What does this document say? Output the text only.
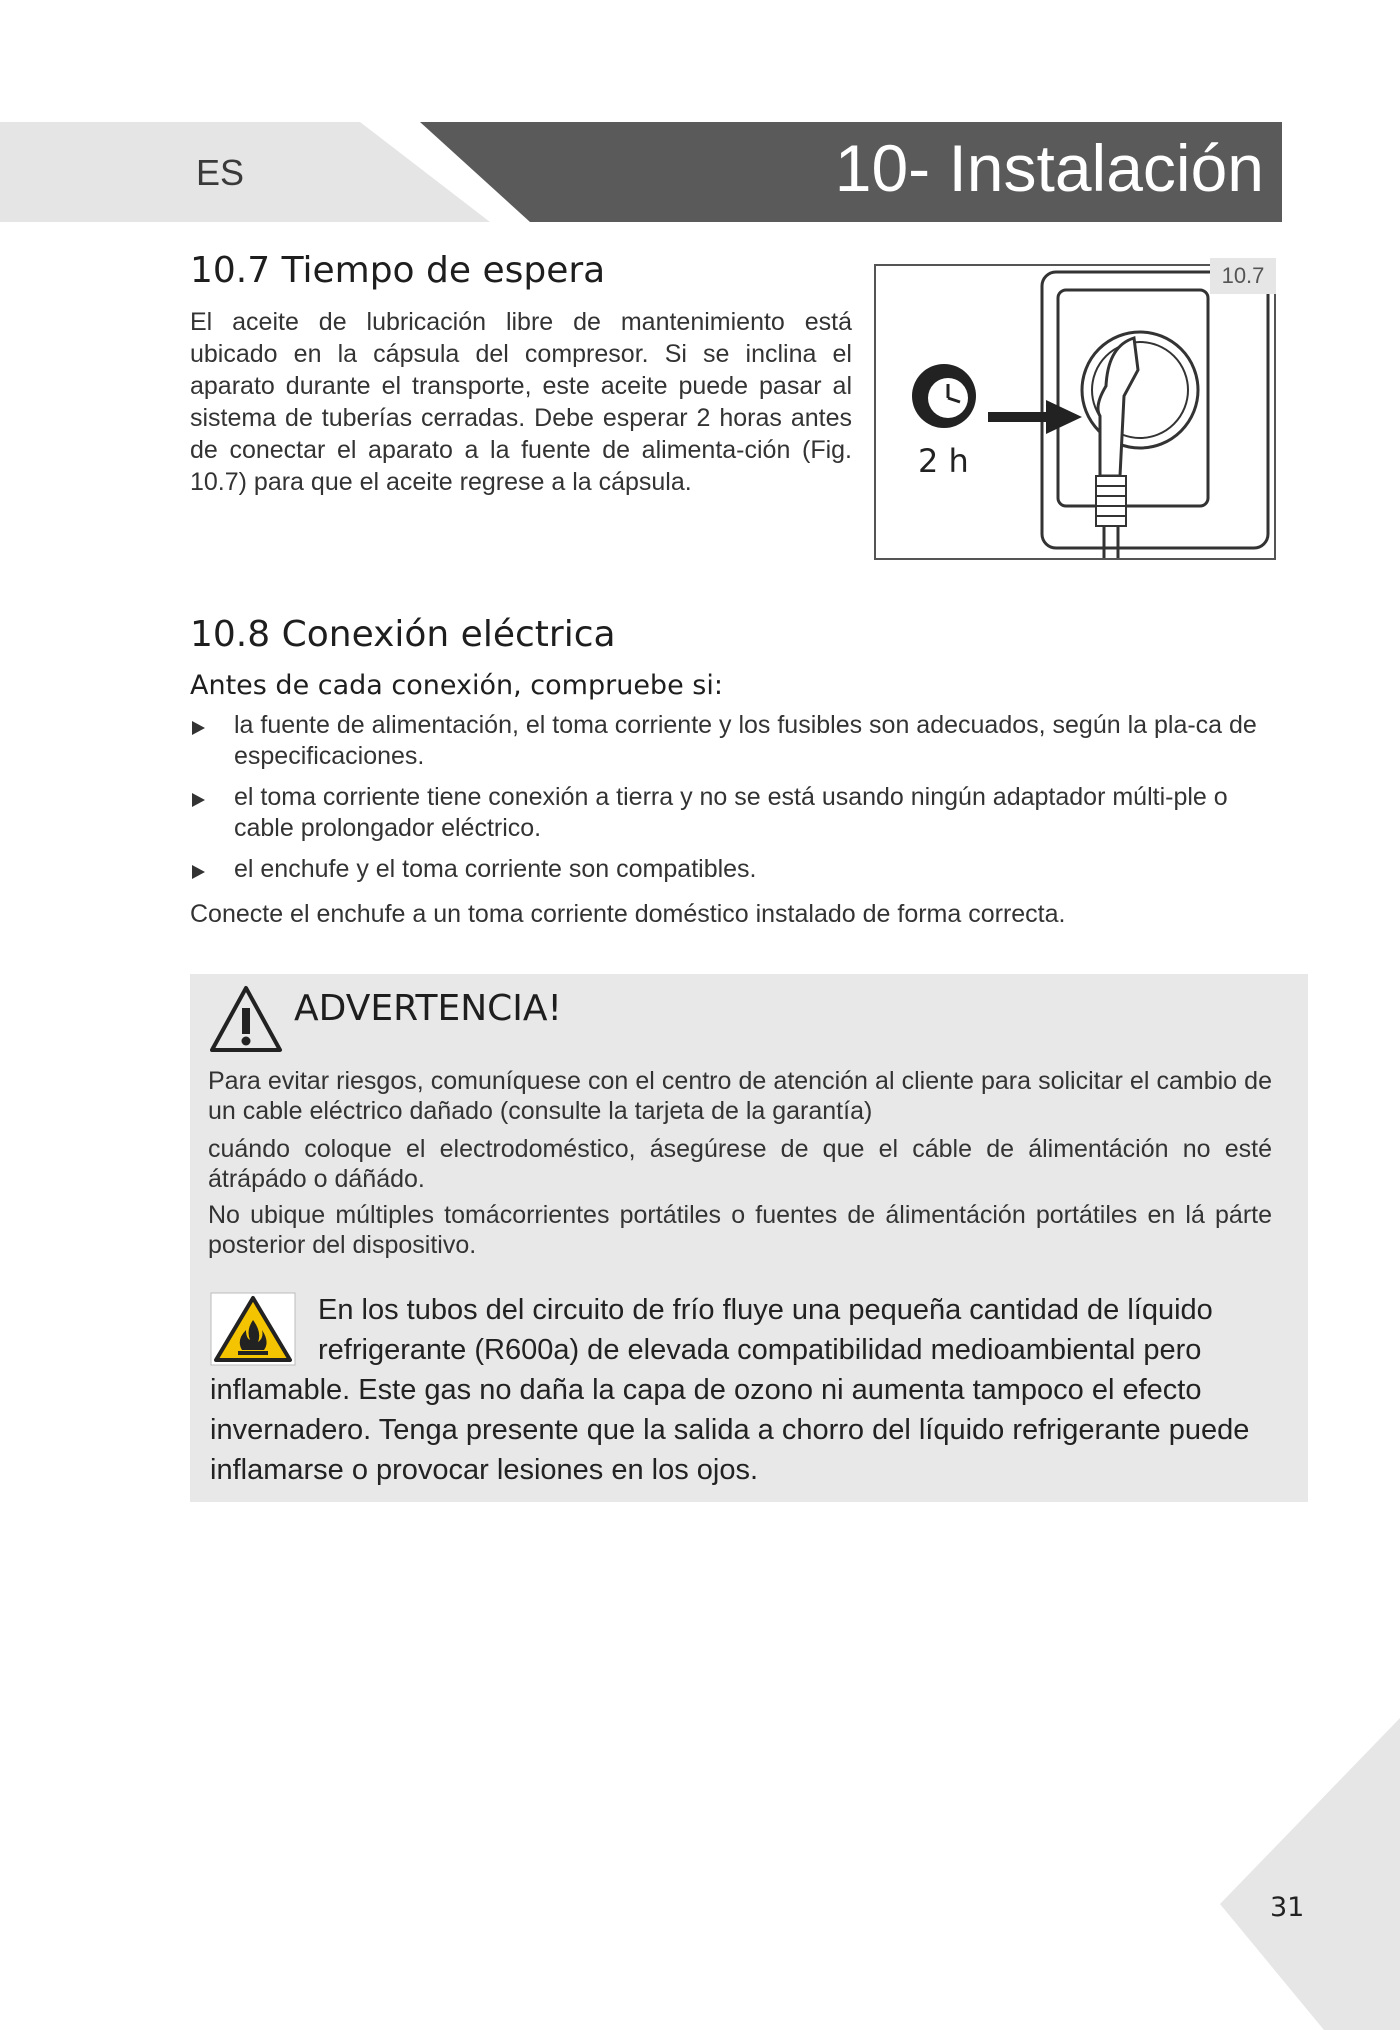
ES	10- Instalación
10.7 Tiempo de espera

El aceite de lubricación libre de mantenimiento está ubicado en la cápsula del compresor. Si se inclina el aparato durante el transporte, este aceite puede pasar al sistema de tuberías cerradas. Debe esperar 2 horas antes de conectar el aparato a la fuente de alimenta-ción (Fig. 10.7) para que el aceite regrese a la cápsula.

10.7
2 h
10.8 Conexión eléctrica
Antes de cada conexión, compruebe si:
la fuente de alimentación, el toma corriente y los fusibles son adecuados, según la pla-ca de especificaciones.
el toma corriente tiene conexión a tierra y no se está usando ningún adaptador múlti-ple o cable prolongador eléctrico.
el enchufe y el toma corriente son compatibles.

Conecte el enchufe a un toma corriente doméstico instalado de forma correcta.

ADVERTENCIA!

Para evitar riesgos, comuníquese con el centro de atención al cliente para solicitar el cambio de un cable eléctrico dañado (consulte la tarjeta de la garantía)

cuándo coloque el electrodoméstico, ásegúrese de que el cáble de álimentáción no esté átrápádo o dáñádo.

No ubique múltiples tomácorrientes portátiles o fuentes de álimentáción portátiles en lá párte posterior del dispositivo.

En los tubos del circuito de frío fluye una pequeña cantidad de líquido refrigerante (R600a) de elevada compatibilidad medioambiental pero inflamable. Este gas no daña la capa de ozono ni aumenta tampoco el efecto invernadero. Tenga presente que la salida a chorro del líquido refrigerante puede inflamarse o provocar lesiones en los ojos.
31
